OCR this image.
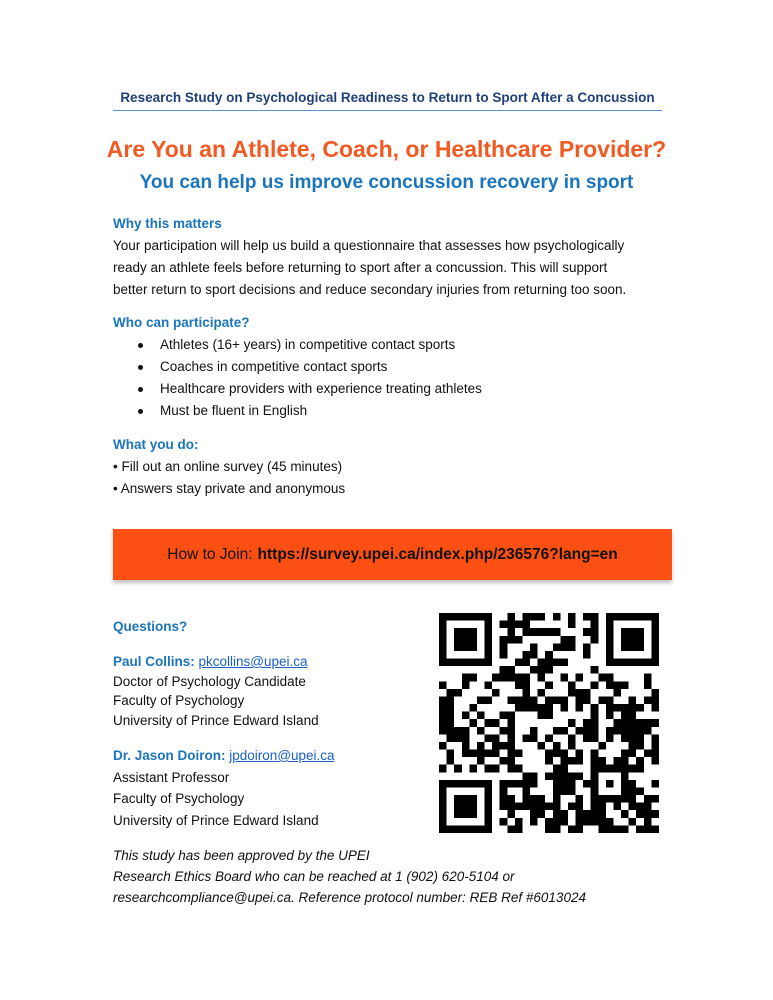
Research Study on Psychological Readiness to Return to Sport After a Concussion
Are You an Athlete, Coach, or Healthcare Provider?
You can help us improve concussion recovery in sport
Why this matters
Your participation will help us build a questionnaire that assesses how psychologically
ready an athlete feels before returning to sport after a concussion. This will support
better return to sport decisions and reduce secondary injuries from returning too soon.
Who can participate?
Athletes (16+ years) in competitive contact sports
Coaches in competitive contact sports
Healthcare providers with experience treating athletes
Must be fluent in English
What you do:
• Fill out an online survey (45 minutes)
• Answers stay private and anonymous
How to Join: https://survey.upei.ca/index.php/236576?lang=en
Questions?
Paul Collins: pkcollins@upei.ca
Doctor of Psychology Candidate
Faculty of Psychology
University of Prince Edward Island
Dr. Jason Doiron: jpdoiron@upei.ca
Assistant Professor
Faculty of Psychology
University of Prince Edward Island
This study has been approved by the UPEI
Research Ethics Board who can be reached at 1 (902) 620-5104 or
researchcompliance@upei.ca. Reference protocol number: REB Ref #6013024
